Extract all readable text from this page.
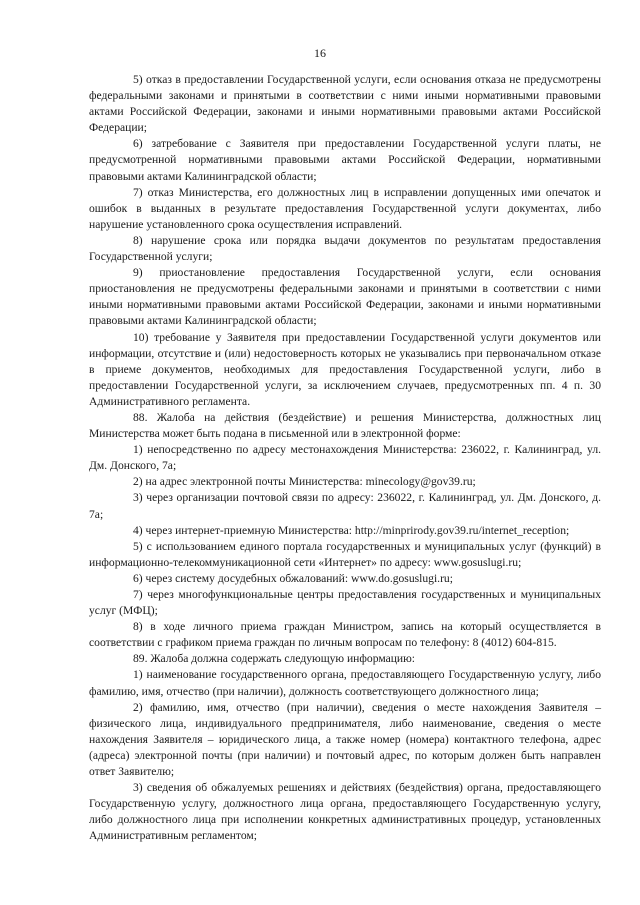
16

5) отказ в предоставлении Государственной услуги, если основания отказа не предусмотрены федеральными законами и принятыми в соответствии с ними иными нормативными правовыми актами Российской Федерации, законами и иными нормативными правовыми актами Российской Федерации;

6) затребование с Заявителя при предоставлении Государственной услуги платы, не предусмотренной нормативными правовыми актами Российской Федерации, нормативными правовыми актами Калининградской области;

7) отказ Министерства, его должностных лиц в исправлении допущенных ими опечаток и ошибок в выданных в результате предоставления Государственной услуги документах, либо нарушение установленного срока осуществления исправлений.

8) нарушение срока или порядка выдачи документов по результатам предоставления Государственной услуги;

9) приостановление предоставления Государственной услуги, если основания приостановления не предусмотрены федеральными законами и принятыми в соответствии с ними иными нормативными правовыми актами Российской Федерации, законами и иными нормативными правовыми актами Калининградской области;

10) требование у Заявителя при предоставлении Государственной услуги документов или информации, отсутствие и (или) недостоверность которых не указывались при первоначальном отказе в приеме документов, необходимых для предоставления Государственной услуги, либо в предоставлении Государственной услуги, за исключением случаев, предусмотренных пп. 4 п. 30 Административного регламента.

88. Жалоба на действия (бездействие) и решения Министерства, должностных лиц Министерства может быть подана в письменной или в электронной форме:

1) непосредственно по адресу местонахождения Министерства: 236022, г. Калининград, ул. Дм. Донского, 7а;

2) на адрес электронной почты Министерства: minecology@gov39.ru;

3) через организации почтовой связи по адресу: 236022, г. Калининград, ул. Дм. Донского, д. 7а;

4) через интернет-приемную Министерства: http://minprirody.gov39.ru/internet_reception;

5) с использованием единого портала государственных и муниципальных услуг (функций) в информационно-телекоммуникационной сети «Интернет» по адресу: www.gosuslugi.ru;

6) через систему досудебных обжалований: www.do.gosuslugi.ru;

7) через многофункциональные центры предоставления государственных и муниципальных услуг (МФЦ);

8) в ходе личного приема граждан Министром, запись на который осуществляется в соответствии с графиком приема граждан по личным вопросам по телефону: 8 (4012) 604-815.

89. Жалоба должна содержать следующую информацию:

1) наименование государственного органа, предоставляющего Государственную услугу, либо фамилию, имя, отчество (при наличии), должность соответствующего должностного лица;

2) фамилию, имя, отчество (при наличии), сведения о месте нахождения Заявителя – физического лица, индивидуального предпринимателя, либо наименование, сведения о месте нахождения Заявителя – юридического лица, а также номер (номера) контактного телефона, адрес (адреса) электронной почты (при наличии) и почтовый адрес, по которым должен быть направлен ответ Заявителю;

3) сведения об обжалуемых решениях и действиях (бездействия) органа, предоставляющего Государственную услугу, должностного лица органа, предоставляющего Государственную услугу, либо должностного лица при исполнении конкретных административных процедур, установленных Административным регламентом;
